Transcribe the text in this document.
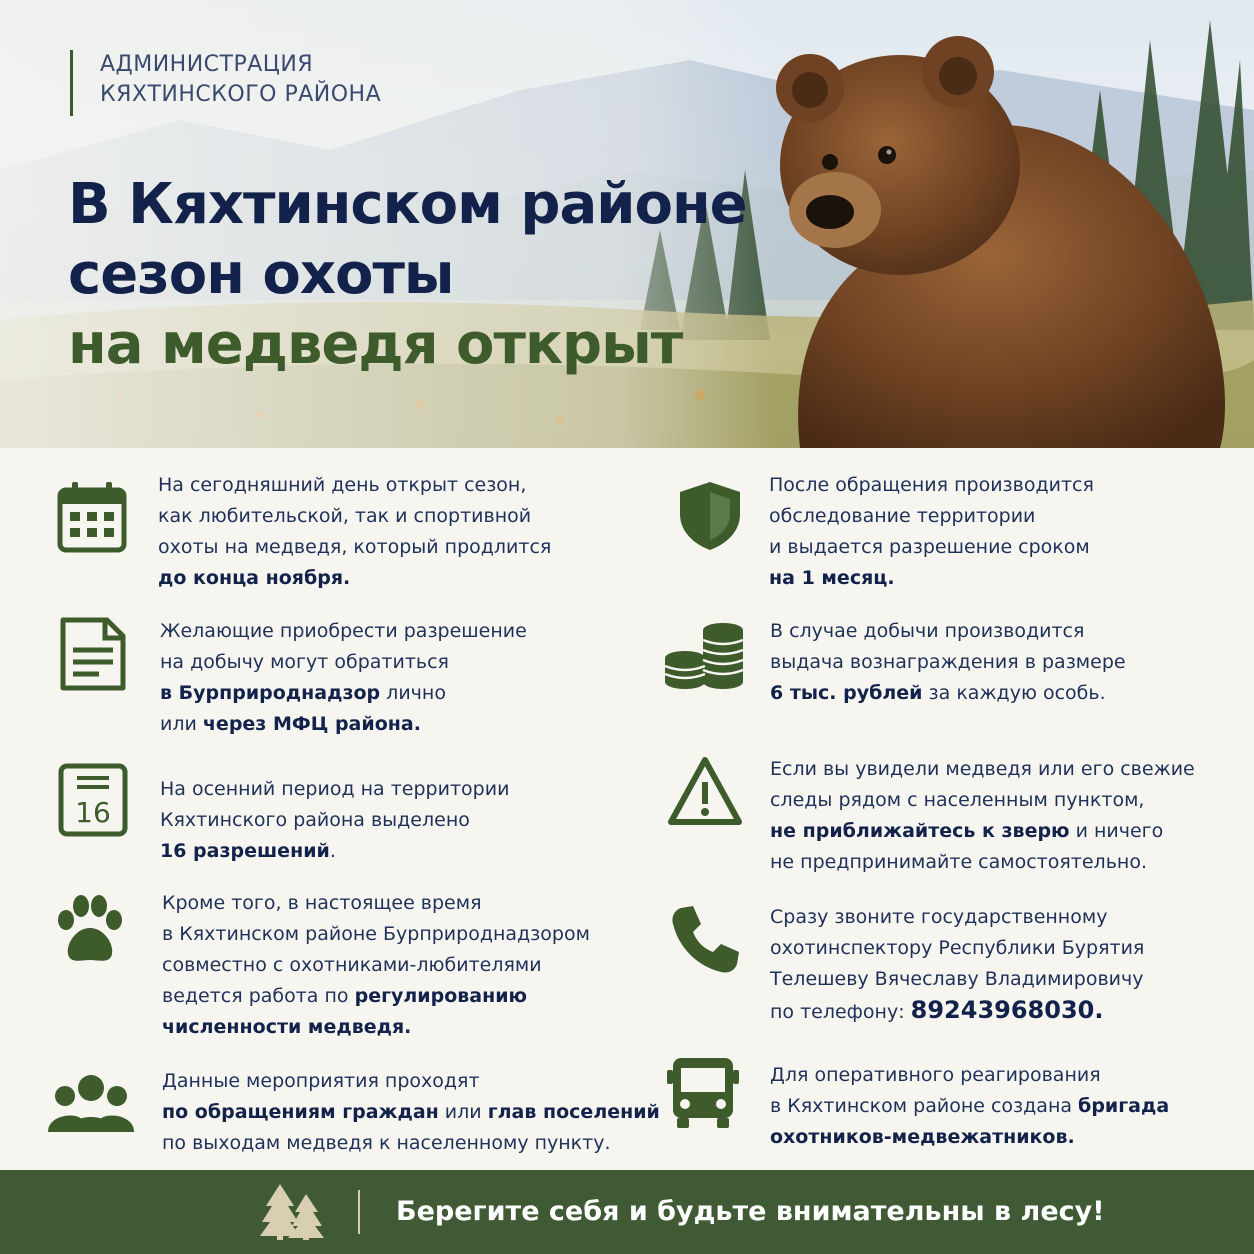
АДМИНИСТРАЦИЯ
КЯХТИНСКОГО РАЙОНА
В Кяхтинском районе
сезон охоты
на медведя открыт
На сегодняшний день открыт сезон,
как любительской, так и спортивной
охоты на медведя, который продлится
до конца ноября.
Желающие приобрести разрешение
на добычу могут обратиться
в Бурприроднадзор лично
или через МФЦ района.
16
На осенний период на территории
Кяхтинского района выделено
16 разрешений.
Кроме того, в настоящее время
в Кяхтинском районе Бурприроднадзором
совместно с охотниками-любителями
ведется работа по регулированию
численности медведя.
Данные мероприятия проходят
по обращениям граждан или глав поселений
по выходам медведя к населенному пункту.
После обращения производится
обследование территории
и выдается разрешение сроком
на 1 месяц.
В случае добычи производится
выдача вознаграждения в размере
6 тыс. рублей за каждую особь.
Если вы увидели медведя или его свежие
следы рядом с населенным пунктом,
не приближайтесь к зверю и ничего
не предпринимайте самостоятельно.
Сразу звоните государственному
охотинспектору Республики Бурятия
Телешеву Вячеславу Владимировичу
по телефону: 89243968030.
Для оперативного реагирования
в Кяхтинском районе создана бригада
охотников-медвежатников.
Берегите себя и будьте внимательны в лесу!
